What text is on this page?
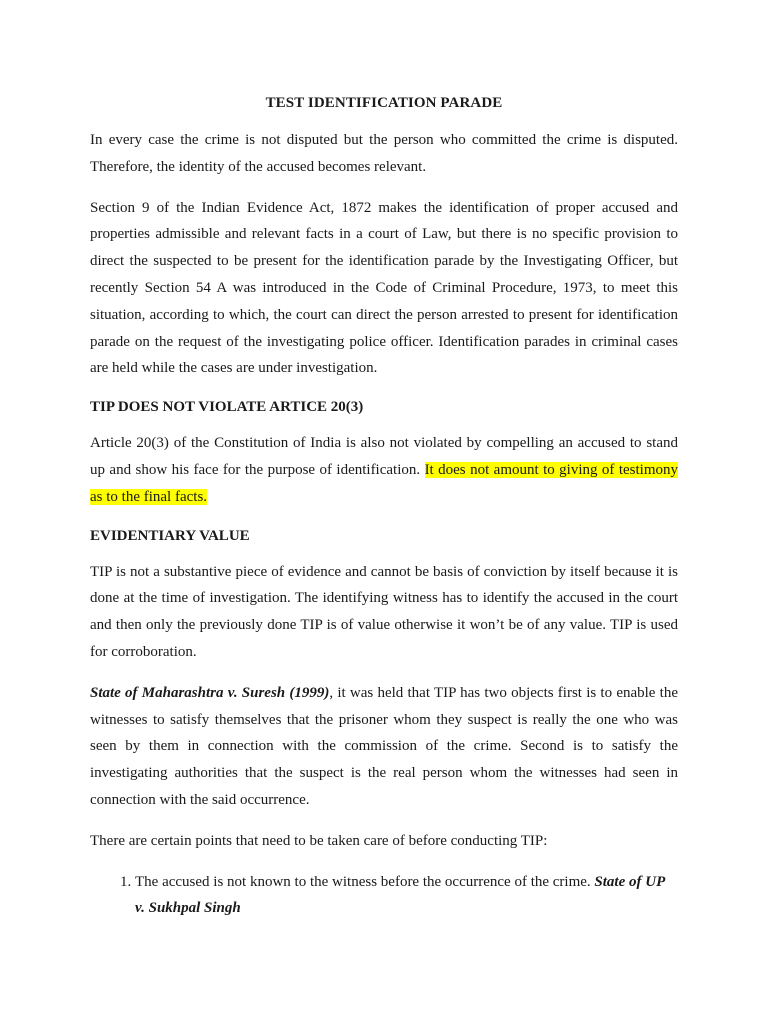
TEST IDENTIFICATION PARADE

In every case the crime is not disputed but the person who committed the crime is disputed. Therefore, the identity of the accused becomes relevant.

Section 9 of the Indian Evidence Act, 1872 makes the identification of proper accused and properties admissible and relevant facts in a court of Law, but there is no specific provision to direct the suspected to be present for the identification parade by the Investigating Officer, but recently Section 54 A was introduced in the Code of Criminal Procedure, 1973, to meet this situation, according to which, the court can direct the person arrested to present for identification parade on the request of the investigating police officer. Identification parades in criminal cases are held while the cases are under investigation.

TIP DOES NOT VIOLATE ARTICE 20(3)

Article 20(3) of the Constitution of India is also not violated by compelling an accused to stand up and show his face for the purpose of identification. It does not amount to giving of testimony as to the final facts.

EVIDENTIARY VALUE

TIP is not a substantive piece of evidence and cannot be basis of conviction by itself because it is done at the time of investigation. The identifying witness has to identify the accused in the court and then only the previously done TIP is of value otherwise it won’t be of any value. TIP is used for corroboration.

State of Maharashtra v. Suresh (1999), it was held that TIP has two objects first is to enable the witnesses to satisfy themselves that the prisoner whom they suspect is really the one who was seen by them in connection with the commission of the crime. Second is to satisfy the investigating authorities that the suspect is the real person whom the witnesses had seen in connection with the said occurrence.

There are certain points that need to be taken care of before conducting TIP:

1. The accused is not known to the witness before the occurrence of the crime. State of UP v. Sukhpal Singh
